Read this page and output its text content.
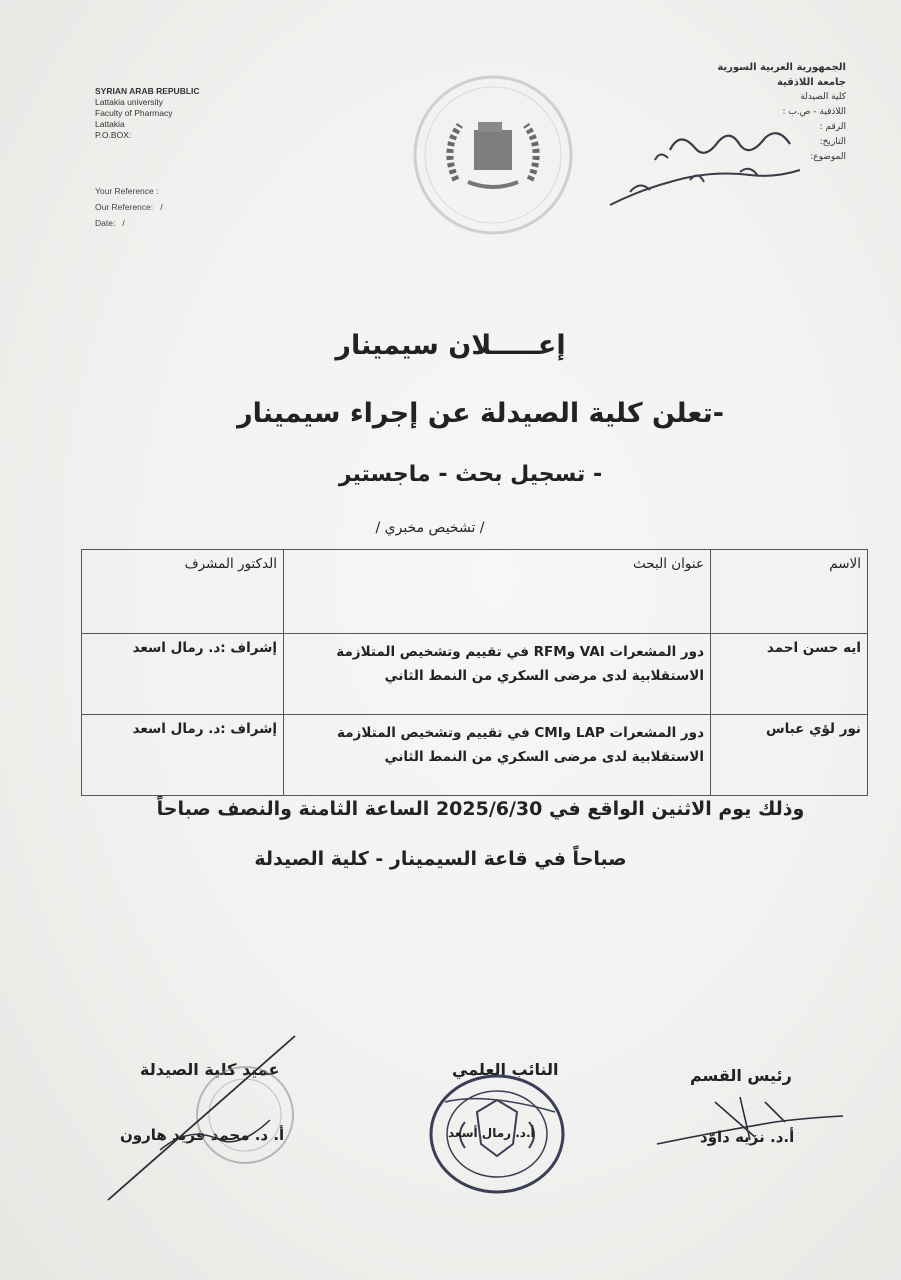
SYRIAN ARAB REPUBLIC
Lattakia university
Faculty of Pharmacy
Lattakia
P.O.BOX:
Your Reference :
Our Reference:   /
Date:   /
الجمهورية العربية السورية
جامعة اللاذقية
كلية الصيدلة
اللاذقية - ص.ب :
الرقم :
التاريخ:
الموضوع:
إعـــــلان سيمينار
-تعلن كلية الصيدلة عن إجراء سيمينار
- تسجيل بحث - ماجستير
/ تشخيص مخبري /
الاسم	عنوان البحث	الدكتور المشرف
ايه حسن احمد	دور المشعرات VAI وRFM في تقييم وتشخيص المتلازمة الاستقلابية لدى مرضى السكري من النمط الثاني	إشراف :د. رمال اسعد
نور لؤي عباس	دور المشعرات LAP وCMI في تقييم وتشخيص المتلازمة الاستقلابية لدى مرضى السكري من النمط الثاني	إشراف :د. رمال اسعد
وذلك يوم الاثنين الواقع في 2025/6/30 الساعة الثامنة والنصف صباحاً
صباحاً في قاعة السيمينار - كلية الصيدلة
عميد كلية الصيدلة
أ. د. محمد فريد هارون
النائب العلمي
أ.د. رمال أسعد
رئيس القسم
أ.د. نزيه داوّد
